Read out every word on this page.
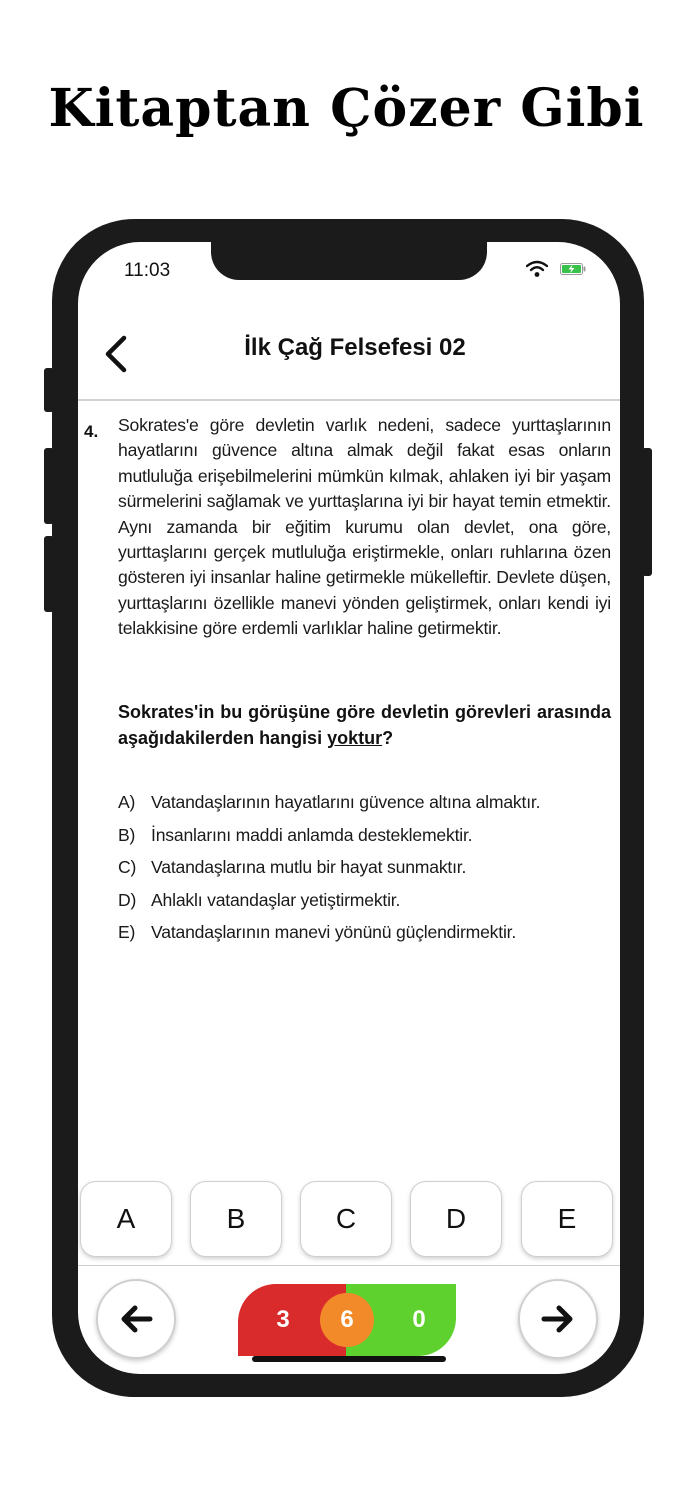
Kitaptan Çözer Gibi
11:03
İlk Çağ Felsefesi 02
4. Sokrates'e göre devletin varlık nedeni, sadece yurttaşlarının hayatlarını güvence altına almak değil fakat esas onların mutluluğa erişebilmelerini mümkün kılmak, ahlaken iyi bir yaşam sürmelerini sağlamak ve yurttaşlarına iyi bir hayat temin etmektir. Aynı zamanda bir eğitim kurumu olan devlet, ona göre, yurttaşlarını gerçek mutluluğa eriştirmekle, onları ruhlarına özen gösteren iyi insanlar haline getirmekle mükelleftir. Devlete düşen, yurttaşlarını özellikle manevi yönden geliştirmek, onları kendi iyi telakkisine göre erdemli varlıklar haline getirmektir.
Sokrates'in bu görüşüne göre devletin görevleri arasında aşağıdakilerden hangisi yoktur?
A) Vatandaşlarının hayatlarını güvence altına almaktır.
B) İnsanlarını maddi anlamda desteklemektir.
C) Vatandaşlarına mutlu bir hayat sunmaktır.
D) Ahlaklı vatandaşlar yetiştirmektir.
E) Vatandaşlarının manevi yönünü güçlendirmektir.
A	B	C	D	E
3	6	0
